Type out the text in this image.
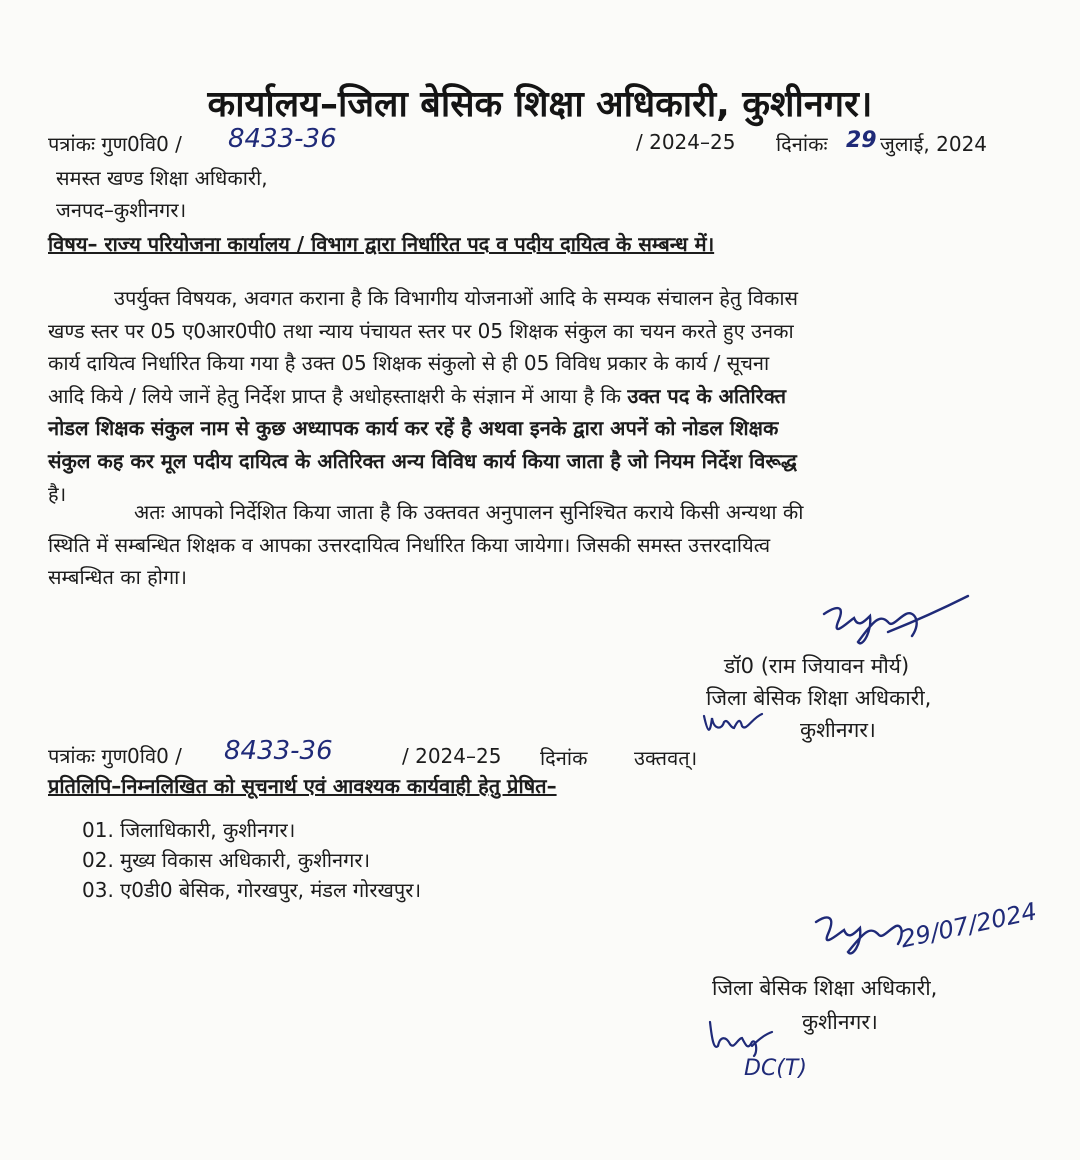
कार्यालय–जिला बेसिक शिक्षा अधिकारी, कुशीनगर।
पत्रांकः गुण0वि0 / 8433-36	/ 2024–25 दिनांकः 29 जुलाई, 2024
समस्त खण्ड शिक्षा अधिकारी,
जनपद–कुशीनगर।
विषय– राज्य परियोजना कार्यालय / विभाग द्वारा निर्धारित पद व पदीय दायित्व के सम्बन्ध में।
उपर्युक्त विषयक, अवगत कराना है कि विभागीय योजनाओं आदि के सम्यक संचालन हेतु विकास
खण्ड स्तर पर 05 ए0आर0पी0 तथा न्याय पंचायत स्तर पर 05 शिक्षक संकुल का चयन करते हुए उनका
कार्य दायित्व निर्धारित किया गया है उक्त 05 शिक्षक संकुलो से ही 05 विविध प्रकार के कार्य / सूचना
आदि किये / लिये जानें हेतु निर्देश प्राप्त है अधोहस्ताक्षरी के संज्ञान में आया है कि उक्त पद के अतिरिक्त
नोडल शिक्षक संकुल नाम से कुछ अध्यापक कार्य कर रहें है अथवा इनके द्वारा अपनें को नोडल शिक्षक
संकुल कह कर मूल पदीय दायित्व के अतिरिक्त अन्य विविध कार्य किया जाता है जो नियम निर्देश विरूद्ध
है।
अतः आपको निर्देशित किया जाता है कि उक्तवत अनुपालन सुनिश्चित कराये किसी अन्यथा की
स्थिति में सम्बन्धित शिक्षक व आपका उत्तरदायित्व निर्धारित किया जायेगा। जिसकी समस्त उत्तरदायित्व
सम्बन्धित का होगा।
डॉ0 (राम जियावन मौर्य)
जिला बेसिक शिक्षा अधिकारी,
कुशीनगर।
पत्रांकः गुण0वि0 / 8433-36	/ 2024–25 दिनांक उक्तवत्।
प्रतिलिपि–निम्नलिखित को सूचनार्थ एवं आवश्यक कार्यवाही हेतु प्रेषित–
01. जिलाधिकारी, कुशीनगर।
02. मुख्य विकास अधिकारी, कुशीनगर।
03. ए0डी0 बेसिक, गोरखपुर, मंडल गोरखपुर।
29/07/2024
जिला बेसिक शिक्षा अधिकारी,
कुशीनगर।
DC(T)
